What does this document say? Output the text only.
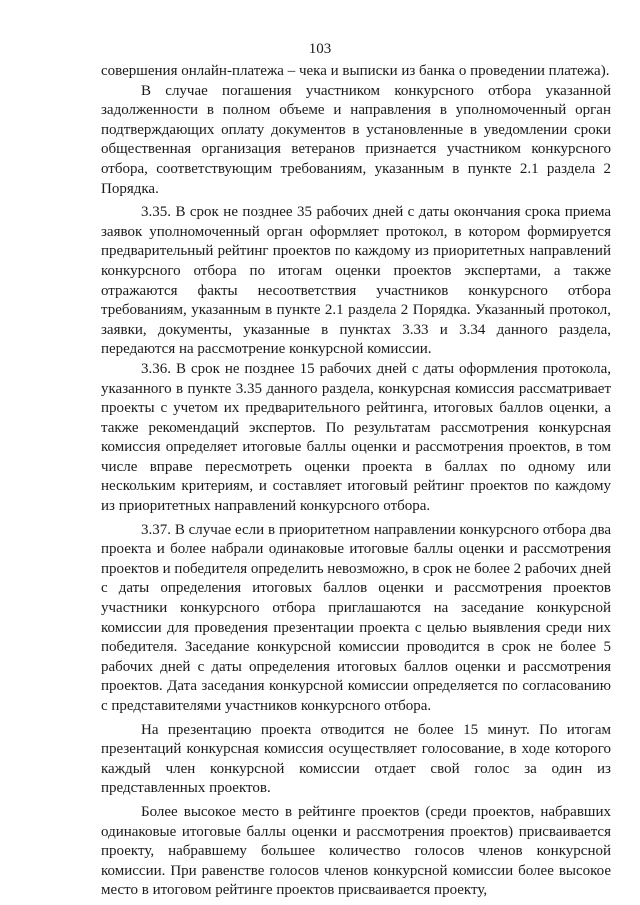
103

совершения онлайн-платежа – чека и выписки из банка о проведении платежа).

В случае погашения участником конкурсного отбора указанной задолженности в полном объеме и направления в уполномоченный орган подтверждающих оплату документов в установленные в уведомлении сроки общественная организация ветеранов признается участником конкурсного отбора, соответствующим требованиям, указанным в пункте 2.1 раздела 2 Порядка.

3.35. В срок не позднее 35 рабочих дней с даты окончания срока приема заявок уполномоченный орган оформляет протокол, в котором формируется предварительный рейтинг проектов по каждому из приоритетных направлений конкурсного отбора по итогам оценки проектов экспертами, а также отражаются факты несоответствия участников конкурсного отбора требованиям, указанным в пункте 2.1 раздела 2 Порядка. Указанный протокол, заявки, документы, указанные в пунктах 3.33 и 3.34 данного раздела, передаются на рассмотрение конкурсной комиссии.

3.36. В срок не позднее 15 рабочих дней с даты оформления протокола, указанного в пункте 3.35 данного раздела, конкурсная комиссия рассматривает проекты с учетом их предварительного рейтинга, итоговых баллов оценки, а также рекомендаций экспертов. По результатам рассмотрения конкурсная комиссия определяет итоговые баллы оценки и рассмотрения проектов, в том числе вправе пересмотреть оценки проекта в баллах по одному или нескольким критериям, и составляет итоговый рейтинг проектов по каждому из приоритетных направлений конкурсного отбора.

3.37. В случае если в приоритетном направлении конкурсного отбора два проекта и более набрали одинаковые итоговые баллы оценки и рассмотрения проектов и победителя определить невозможно, в срок не более 2 рабочих дней с даты определения итоговых баллов оценки и рассмотрения проектов участники конкурсного отбора приглашаются на заседание конкурсной комиссии для проведения презентации проекта с целью выявления среди них победителя. Заседание конкурсной комиссии проводится в срок не более 5 рабочих дней с даты определения итоговых баллов оценки и рассмотрения проектов. Дата заседания конкурсной комиссии определяется по согласованию с представителями участников конкурсного отбора.

На презентацию проекта отводится не более 15 минут. По итогам презентаций конкурсная комиссия осуществляет голосование, в ходе которого каждый член конкурсной комиссии отдает свой голос за один из представленных проектов.

Более высокое место в рейтинге проектов (среди проектов, набравших одинаковые итоговые баллы оценки и рассмотрения проектов) присваивается проекту, набравшему большее количество голосов членов конкурсной комиссии. При равенстве голосов членов конкурсной комиссии более высокое место в итоговом рейтинге проектов присваивается проекту,
